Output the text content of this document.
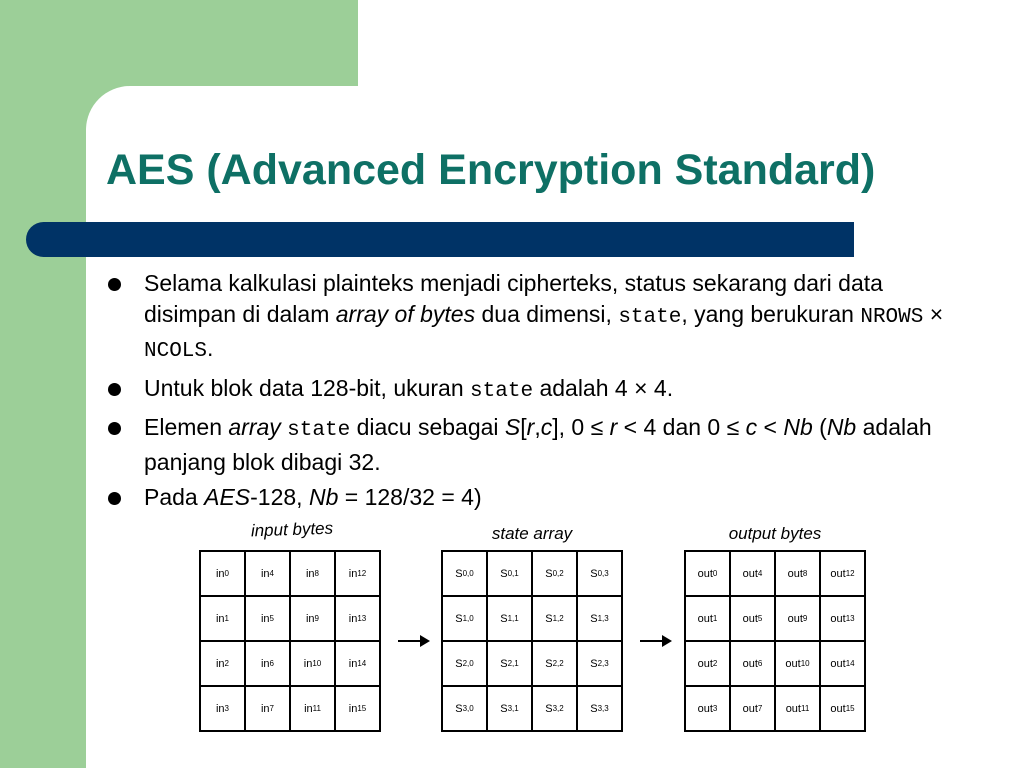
AES (Advanced Encryption Standard)
Selama kalkulasi plainteks menjadi cipherteks, status sekarang dari data disimpan di dalam array of bytes dua dimensi, state, yang berukuran NROWS × NCOLS.
Untuk blok data 128-bit, ukuran state adalah 4 × 4.
Elemen array state diacu sebagai S[r,c], 0 ≤ r < 4 dan 0 ≤ c < Nb (Nb adalah panjang blok dibagi 32.
Pada AES-128, Nb = 128/32 = 4)
input bytes
in 0	in 4	in 8	in 12
in 1	in 5	in 9	in 13
in 2	in 6	in 10	in 14
in 3	in 7	in 11	in 15
state array
S 0,0 S 0,1 S 0,2 S 0,3
S 1,0 S 1,1 S 1,2 S 1,3
S 2,0 S 2,1 S 2,2 S 2,3
S 3,0 S 3,1 S 3,2 S 3,3
output bytes
out 0 out 4 out 8 out 12
out 1 out 5 out 9 out 13
out 2 out 6 out 10 out 14
out 3 out 7 out 11 out 15
